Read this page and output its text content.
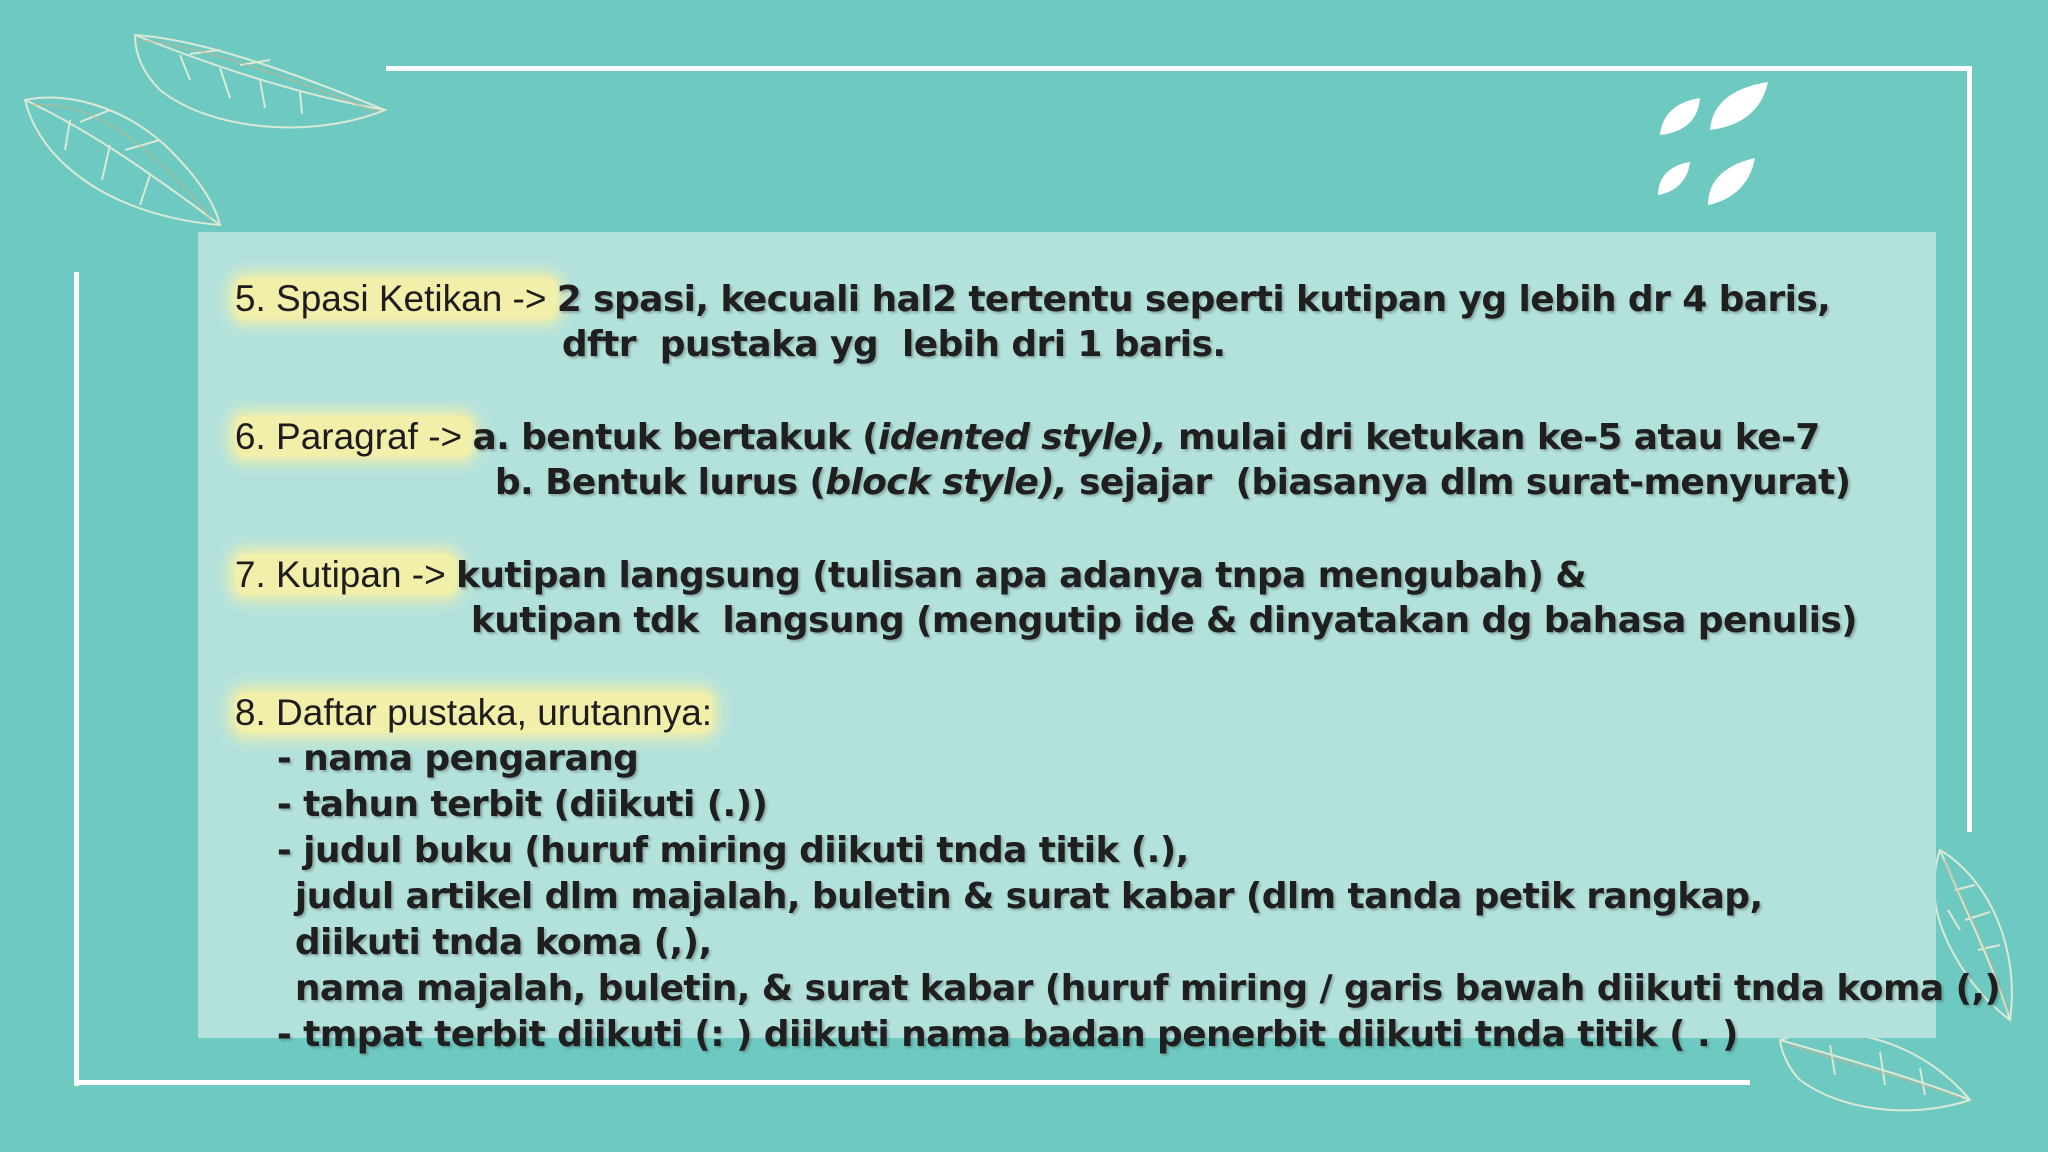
5. Spasi Ketikan -> 2 spasi, kecuali hal2 tertentu seperti kutipan yg lebih dr 4 baris,

dftr  pustaka yg  lebih dri 1 baris.

6. Paragraf -> a. bentuk bertakuk (idented style), mulai dri ketukan ke-5 atau ke-7

b. Bentuk lurus (block style), sejajar  (biasanya dlm surat-menyurat)

7. Kutipan -> kutipan langsung (tulisan apa adanya tnpa mengubah) &

kutipan tdk  langsung (mengutip ide & dinyatakan dg bahasa penulis)

8. Daftar pustaka, urutannya:

- nama pengarang

- tahun terbit (diikuti (.))

- judul buku (huruf miring diikuti tnda titik (.),

judul artikel dlm majalah, buletin & surat kabar (dlm tanda petik rangkap,

diikuti tnda koma (,),

nama majalah, buletin, & surat kabar (huruf miring / garis bawah diikuti tnda koma (,)

- tmpat terbit diikuti (: ) diikuti nama badan penerbit diikuti tnda titik ( . )
